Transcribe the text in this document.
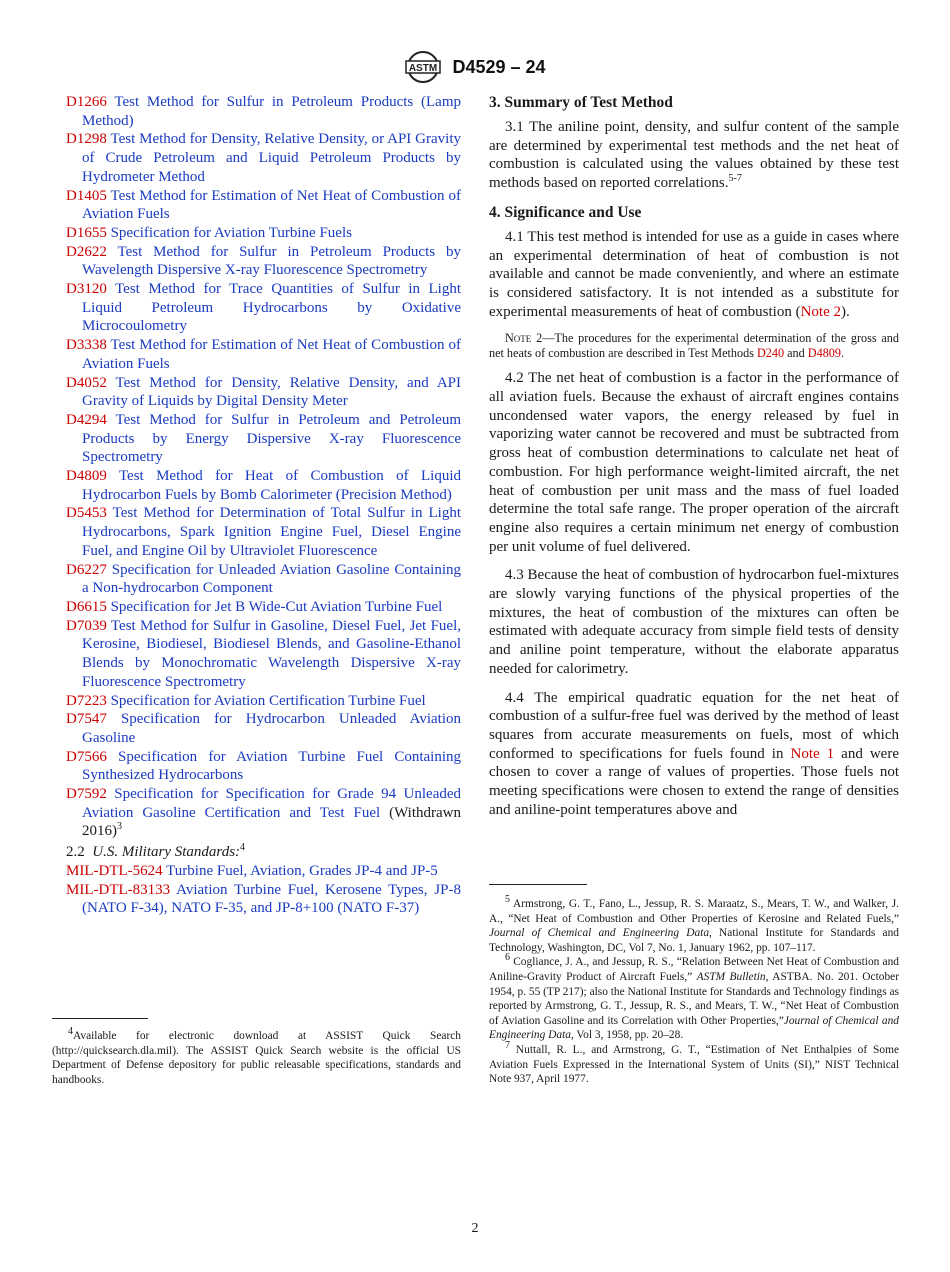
ASTM D4529 – 24

D1266 Test Method for Sulfur in Petroleum Products (Lamp Method)

D1298 Test Method for Density, Relative Density, or API Gravity of Crude Petroleum and Liquid Petroleum Products by Hydrometer Method

D1405 Test Method for Estimation of Net Heat of Combustion of Aviation Fuels

D1655 Specification for Aviation Turbine Fuels

D2622 Test Method for Sulfur in Petroleum Products by Wavelength Dispersive X-ray Fluorescence Spectrometry

D3120 Test Method for Trace Quantities of Sulfur in Light Liquid Petroleum Hydrocarbons by Oxidative Microcoulometry

D3338 Test Method for Estimation of Net Heat of Combustion of Aviation Fuels

D4052 Test Method for Density, Relative Density, and API Gravity of Liquids by Digital Density Meter

D4294 Test Method for Sulfur in Petroleum and Petroleum Products by Energy Dispersive X-ray Fluorescence Spectrometry

D4809 Test Method for Heat of Combustion of Liquid Hydrocarbon Fuels by Bomb Calorimeter (Precision Method)

D5453 Test Method for Determination of Total Sulfur in Light Hydrocarbons, Spark Ignition Engine Fuel, Diesel Engine Fuel, and Engine Oil by Ultraviolet Fluorescence

D6227 Specification for Unleaded Aviation Gasoline Containing a Non-hydrocarbon Component

D6615 Specification for Jet B Wide-Cut Aviation Turbine Fuel

D7039 Test Method for Sulfur in Gasoline, Diesel Fuel, Jet Fuel, Kerosine, Biodiesel, Biodiesel Blends, and Gasoline-Ethanol Blends by Monochromatic Wavelength Dispersive X-ray Fluorescence Spectrometry

D7223 Specification for Aviation Certification Turbine Fuel

D7547 Specification for Hydrocarbon Unleaded Aviation Gasoline

D7566 Specification for Aviation Turbine Fuel Containing Synthesized Hydrocarbons

D7592 Specification for Specification for Grade 94 Unleaded Aviation Gasoline Certification and Test Fuel (Withdrawn 2016)$^3$

2.2 U.S. Military Standards:$^4$

MIL-DTL-5624 Turbine Fuel, Aviation, Grades JP-4 and JP-5

MIL-DTL-83133 Aviation Turbine Fuel, Kerosene Types, JP-8 (NATO F-34), NATO F-35, and JP-8+100 (NATO F-37)

$^4$Available for electronic download at ASSIST Quick Search (http://quicksearch.dla.mil). The ASSIST Quick Search website is the official US Department of Defense depository for public releasable specifications, standards and handbooks.

3. Summary of Test Method

3.1 The aniline point, density, and sulfur content of the sample are determined by experimental test methods and the net heat of combustion is calculated using the values obtained by these test methods based on reported correlations.$^{5-7}$

4. Significance and Use

4.1 This test method is intended for use as a guide in cases where an experimental determination of heat of combustion is not available and cannot be made conveniently, and where an estimate is considered satisfactory. It is not intended as a substitute for experimental measurements of heat of combustion (Note 2).

Note 2—The procedures for the experimental determination of the gross and net heats of combustion are described in Test Methods D240 and D4809.

4.2 The net heat of combustion is a factor in the performance of all aviation fuels. Because the exhaust of aircraft engines contains uncondensed water vapors, the energy released by fuel in vaporizing water cannot be recovered and must be subtracted from gross heat of combustion determinations to calculate net heat of combustion. For high performance weight-limited aircraft, the net heat of combustion per unit mass and the mass of fuel loaded determine the total safe range. The proper operation of the aircraft engine also requires a certain minimum net energy of combustion per unit volume of fuel delivered.

4.3 Because the heat of combustion of hydrocarbon fuel-mixtures are slowly varying functions of the physical properties of the mixtures, the heat of combustion of the mixtures can often be estimated with adequate accuracy from simple field tests of density and aniline point temperature, without the elaborate apparatus needed for calorimetry.

4.4 The empirical quadratic equation for the net heat of combustion of a sulfur-free fuel was derived by the method of least squares from accurate measurements on fuels, most of which conformed to specifications for fuels found in Note 1 and were chosen to cover a range of values of properties. Those fuels not meeting specifications were chosen to extend the range of densities and aniline-point temperatures above and

$^5$ Armstrong, G. T., Fano, L., Jessup, R. S. Maraatz, S., Mears, T. W., and Walker, J. A., “Net Heat of Combustion and Other Properties of Kerosine and Related Fuels,” Journal of Chemical and Engineering Data, National Institute for Standards and Technology, Washington, DC, Vol 7, No. 1, January 1962, pp. 107–117.

$^6$ Cogliance, J. A., and Jessup, R. S., “Relation Between Net Heat of Combustion and Aniline-Gravity Product of Aircraft Fuels,” ASTM Bulletin, ASTBA. No. 201. October 1954, p. 55 (TP 217); also the National Institute for Standards and Technology findings as reported by Armstrong, G. T., Jessup, R. S., and Mears, T. W., “Net Heat of Combustion of Aviation Gasoline and its Correlation with Other Properties,”Journal of Chemical and Engineering Data, Vol 3, 1958, pp. 20–28.

$^7$ Nuttall, R. L., and Armstrong, G. T., “Estimation of Net Enthalpies of Some Aviation Fuels Expressed in the International System of Units (SI),” NIST Technical Note 937, April 1977.

2
